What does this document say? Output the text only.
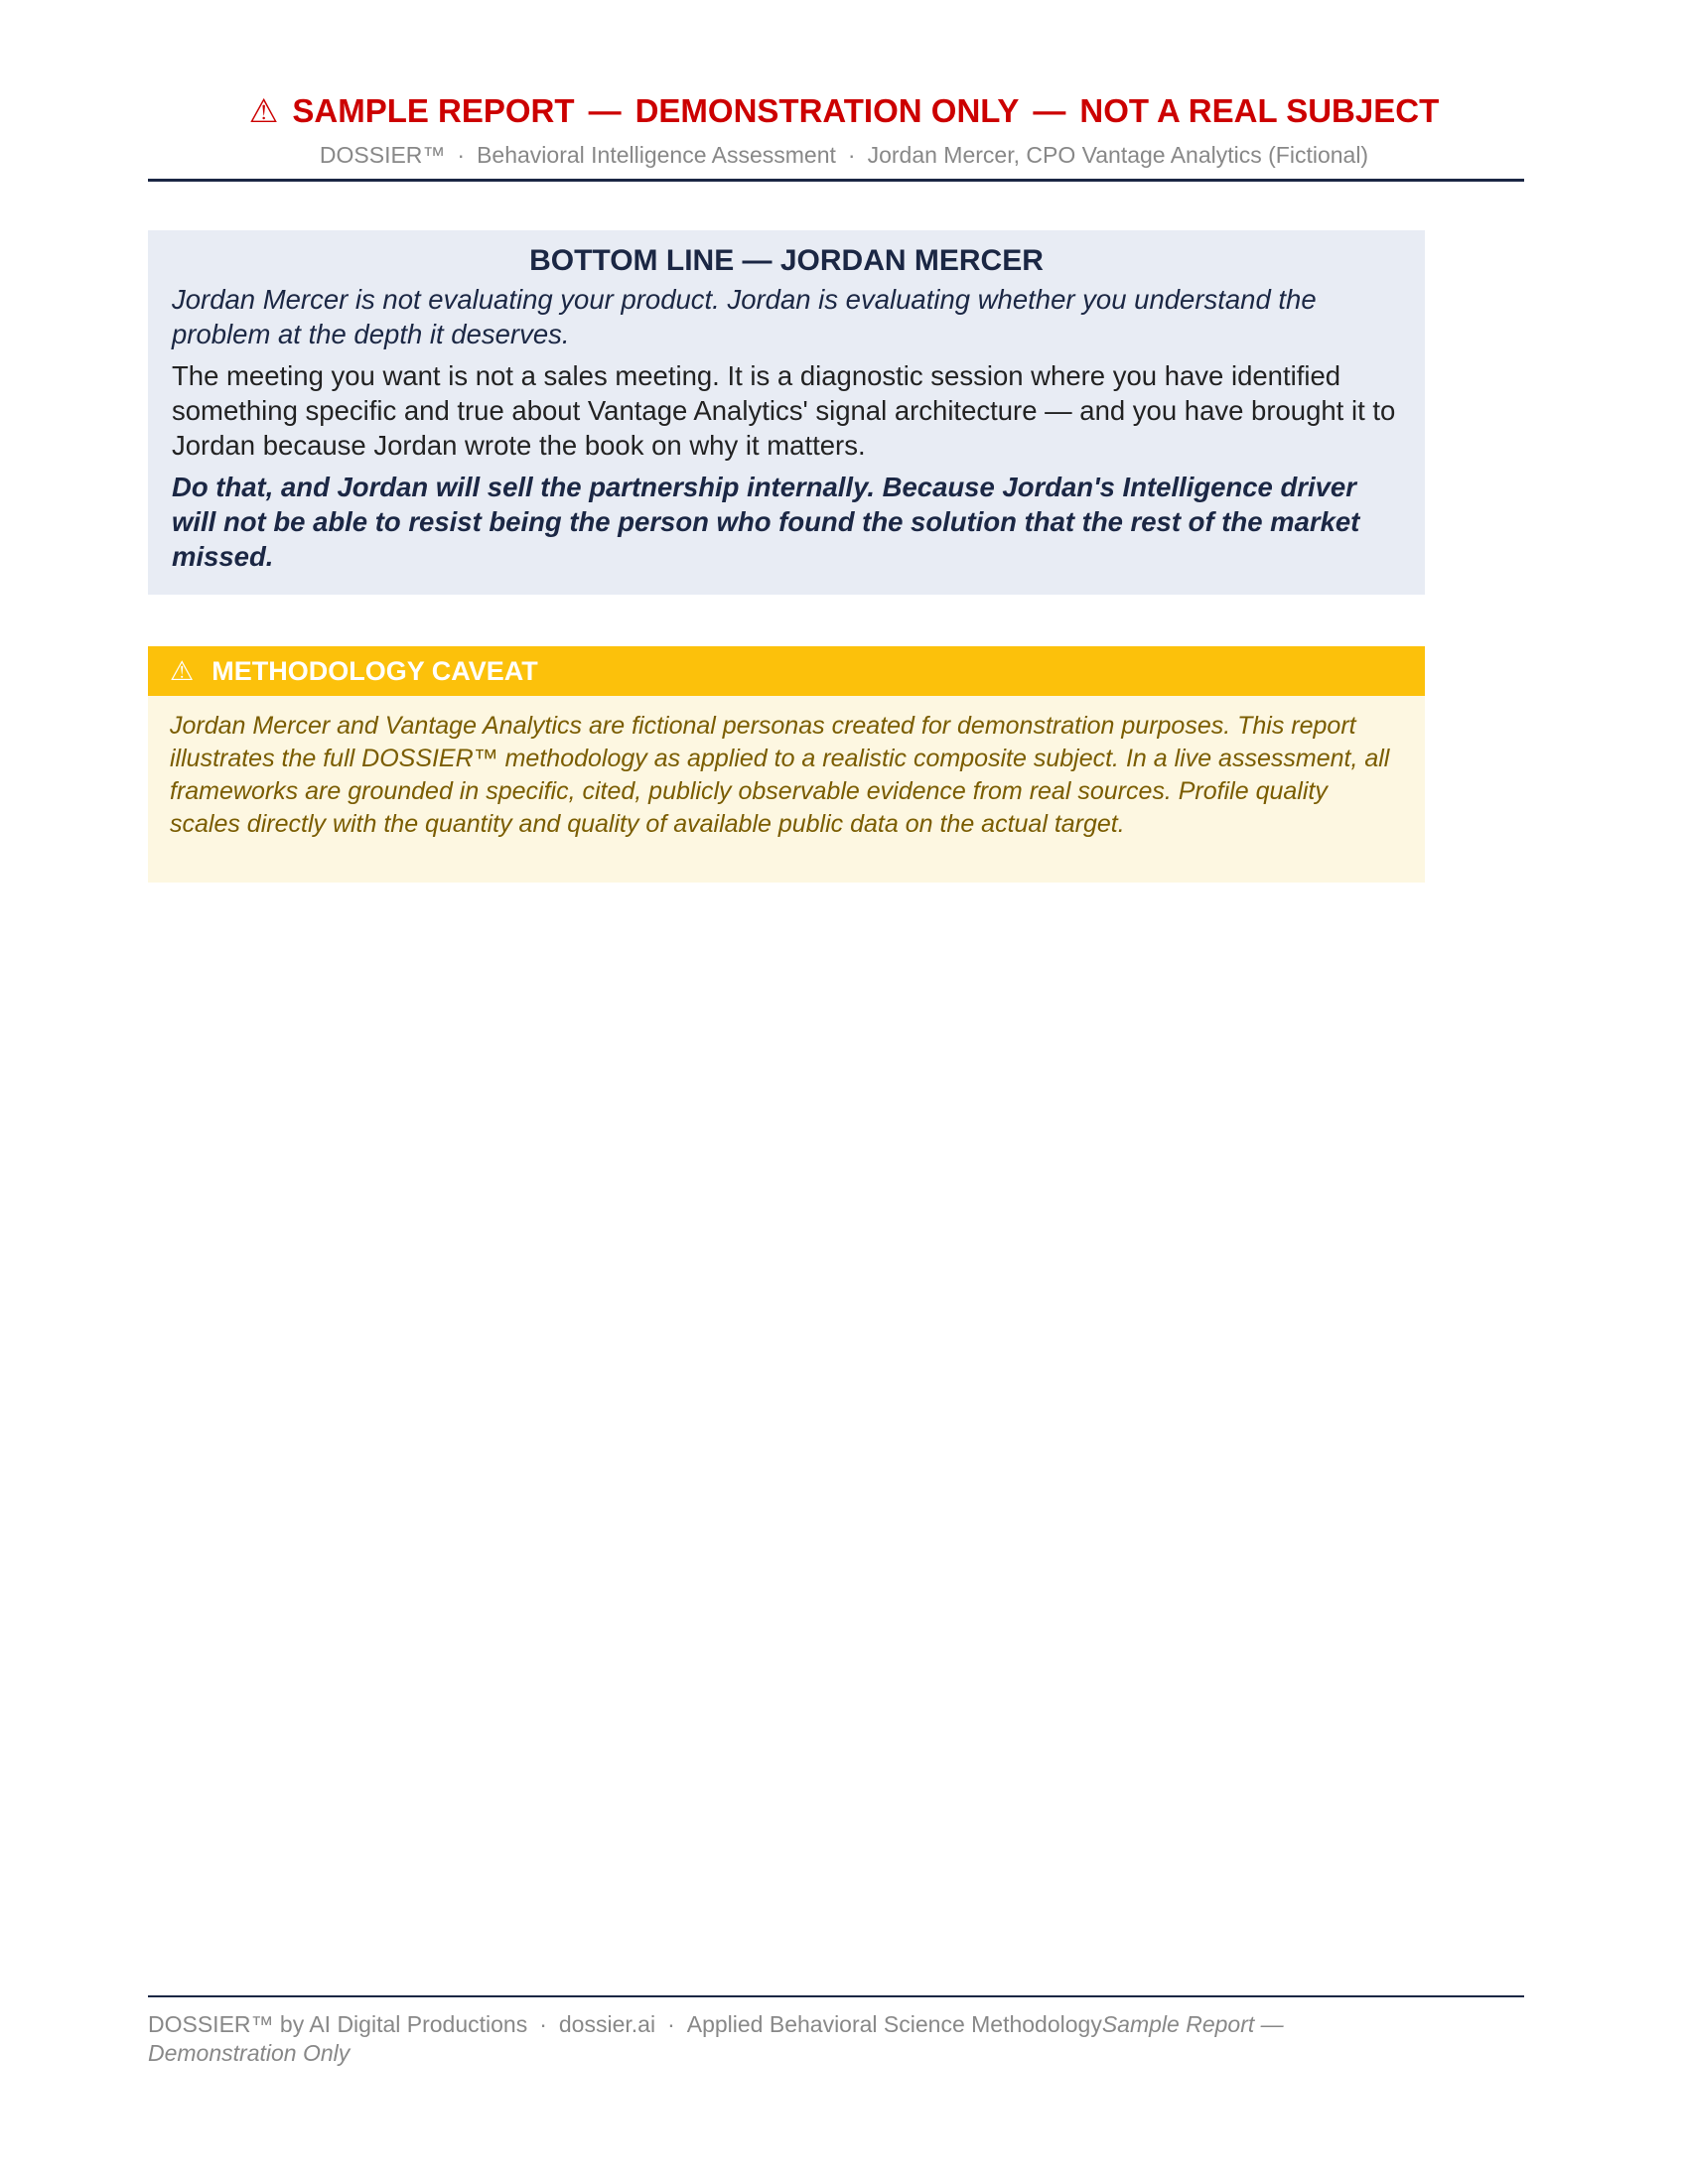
⚠ SAMPLE REPORT — DEMONSTRATION ONLY — NOT A REAL SUBJECT
DOSSIER™ · Behavioral Intelligence Assessment · Jordan Mercer, CPO Vantage Analytics (Fictional)
BOTTOM LINE — JORDAN MERCER

Jordan Mercer is not evaluating your product. Jordan is evaluating whether you understand the problem at the depth it deserves.

The meeting you want is not a sales meeting. It is a diagnostic session where you have identified something specific and true about Vantage Analytics' signal architecture — and you have brought it to Jordan because Jordan wrote the book on why it matters.

Do that, and Jordan will sell the partnership internally. Because Jordan's Intelligence driver will not be able to resist being the person who found the solution that the rest of the market missed.

⚠ METHODOLOGY CAVEAT
Jordan Mercer and Vantage Analytics are fictional personas created for demonstration purposes. This report illustrates the full DOSSIER™ methodology as applied to a realistic composite subject. In a live assessment, all frameworks are grounded in specific, cited, publicly observable evidence from real sources. Profile quality scales directly with the quantity and quality of available public data on the actual target.
DOSSIER™ by AI Digital Productions · dossier.ai · Applied Behavioral Science MethodologySample Report — Demonstration Only
